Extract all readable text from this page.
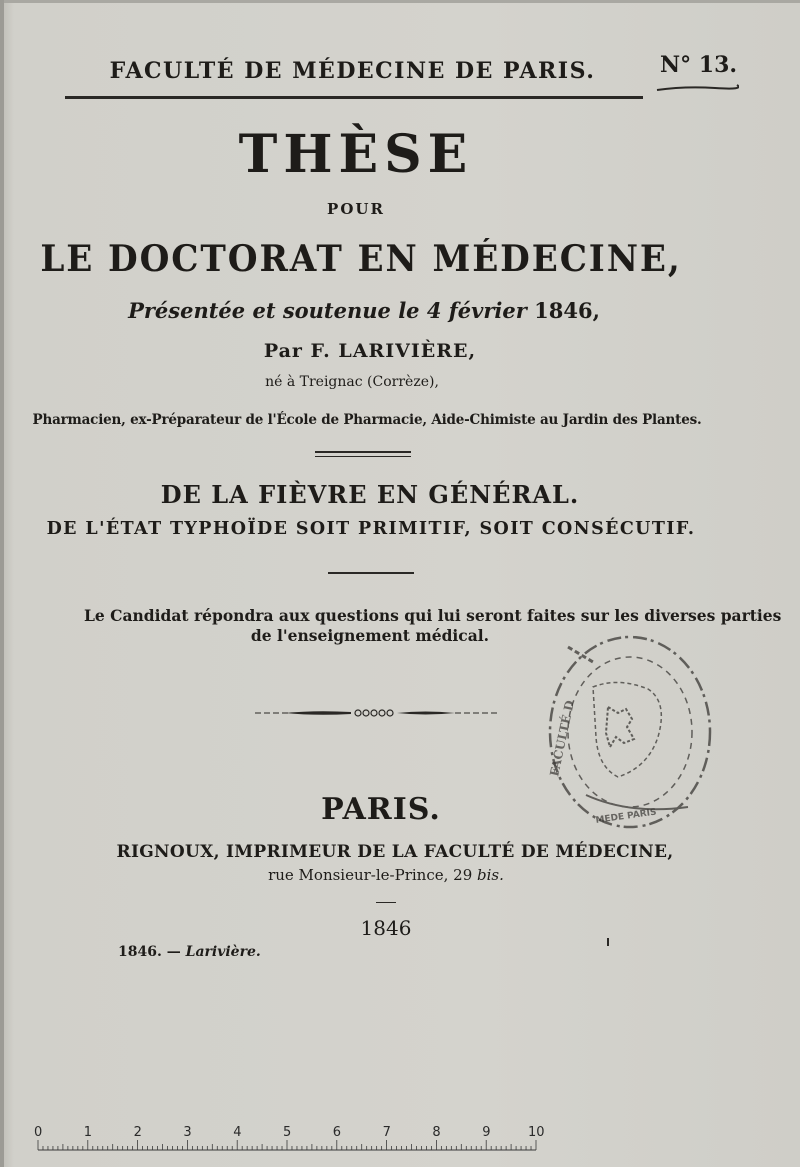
FACULTÉ DE MÉDECINE DE PARIS.	N° 13.
THÈSE
POUR
LE DOCTORAT EN MÉDECINE,
Présentée et soutenue le 4 février 1846,
Par F. LARIVIÈRE,
né à Treignac (Corrèze),
Pharmacien, ex-Préparateur de l'École de Pharmacie, Aide-Chimiste au Jardin des Plantes.
DE LA FIÈVRE EN GÉNÉRAL.
DE L'ÉTAT TYPHOÏDE SOIT PRIMITIF, SOIT CONSÉCUTIF.
Le Candidat répondra aux questions qui lui seront faites sur les diverses parties
de l'enseignement médical.
PARIS.
RIGNOUX, IMPRIMEUR DE LA FACULTÉ DE MÉDECINE,
rue Monsieur-le-Prince, 29 bis.
1846
1846. — Larivière.
FACULTÉ D
MEDE PARIS
0	1	2	3	4	5	6	7	8	9	10
